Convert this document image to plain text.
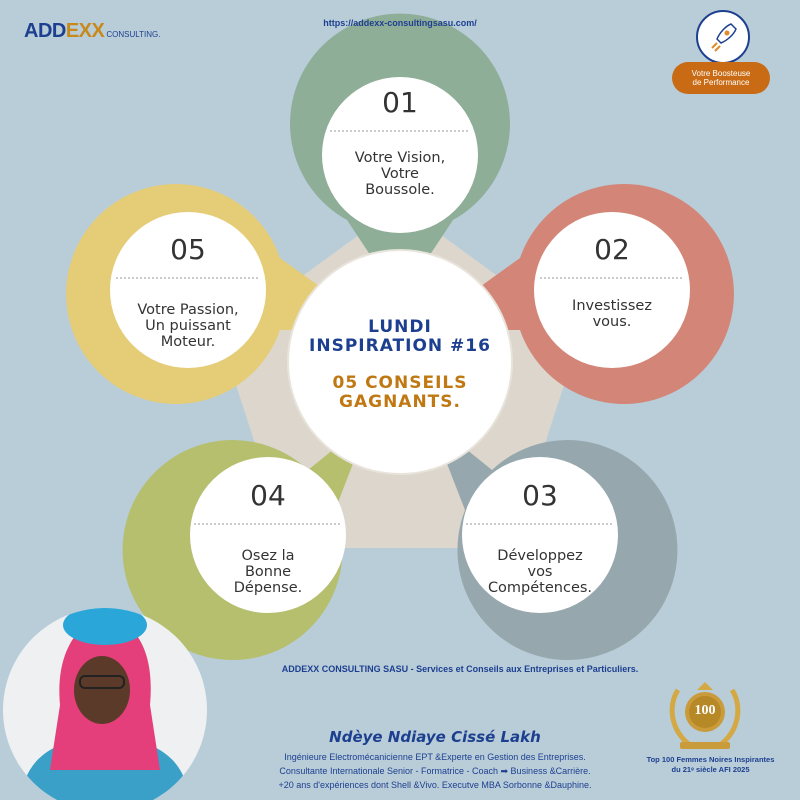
ADDEXX CONSULTING.
https://addexx-consultingsasu.com/
Votre Boosteuse
de Performance
01
Votre Vision,
Votre
Boussole.
02
Investissez
vous.
03
Développez
vos
Compétences.
04
Osez la
Bonne
Dépense.
05
Votre Passion,
Un puissant
Moteur.
LUNDI
INSPIRATION #16
05 CONSEILS
GAGNANTS.
ADDEXX CONSULTING SASU - Services et Conseils aux Entreprises et Particuliers.
Ndèye Ndiaye Cissé Lakh
Ingénieure Electromécanicienne EPT &Experte en Gestion des Entreprises.
Consultante Internationale Senior - Formatrice - Coach ➡ Business &Carrière.
+20 ans d'expériences dont Shell &Vivo. Executve MBA Sorbonne &Dauphine.
100
Top 100 Femmes Noires Inspirantes
du 21ᵉ siècle AFI 2025
